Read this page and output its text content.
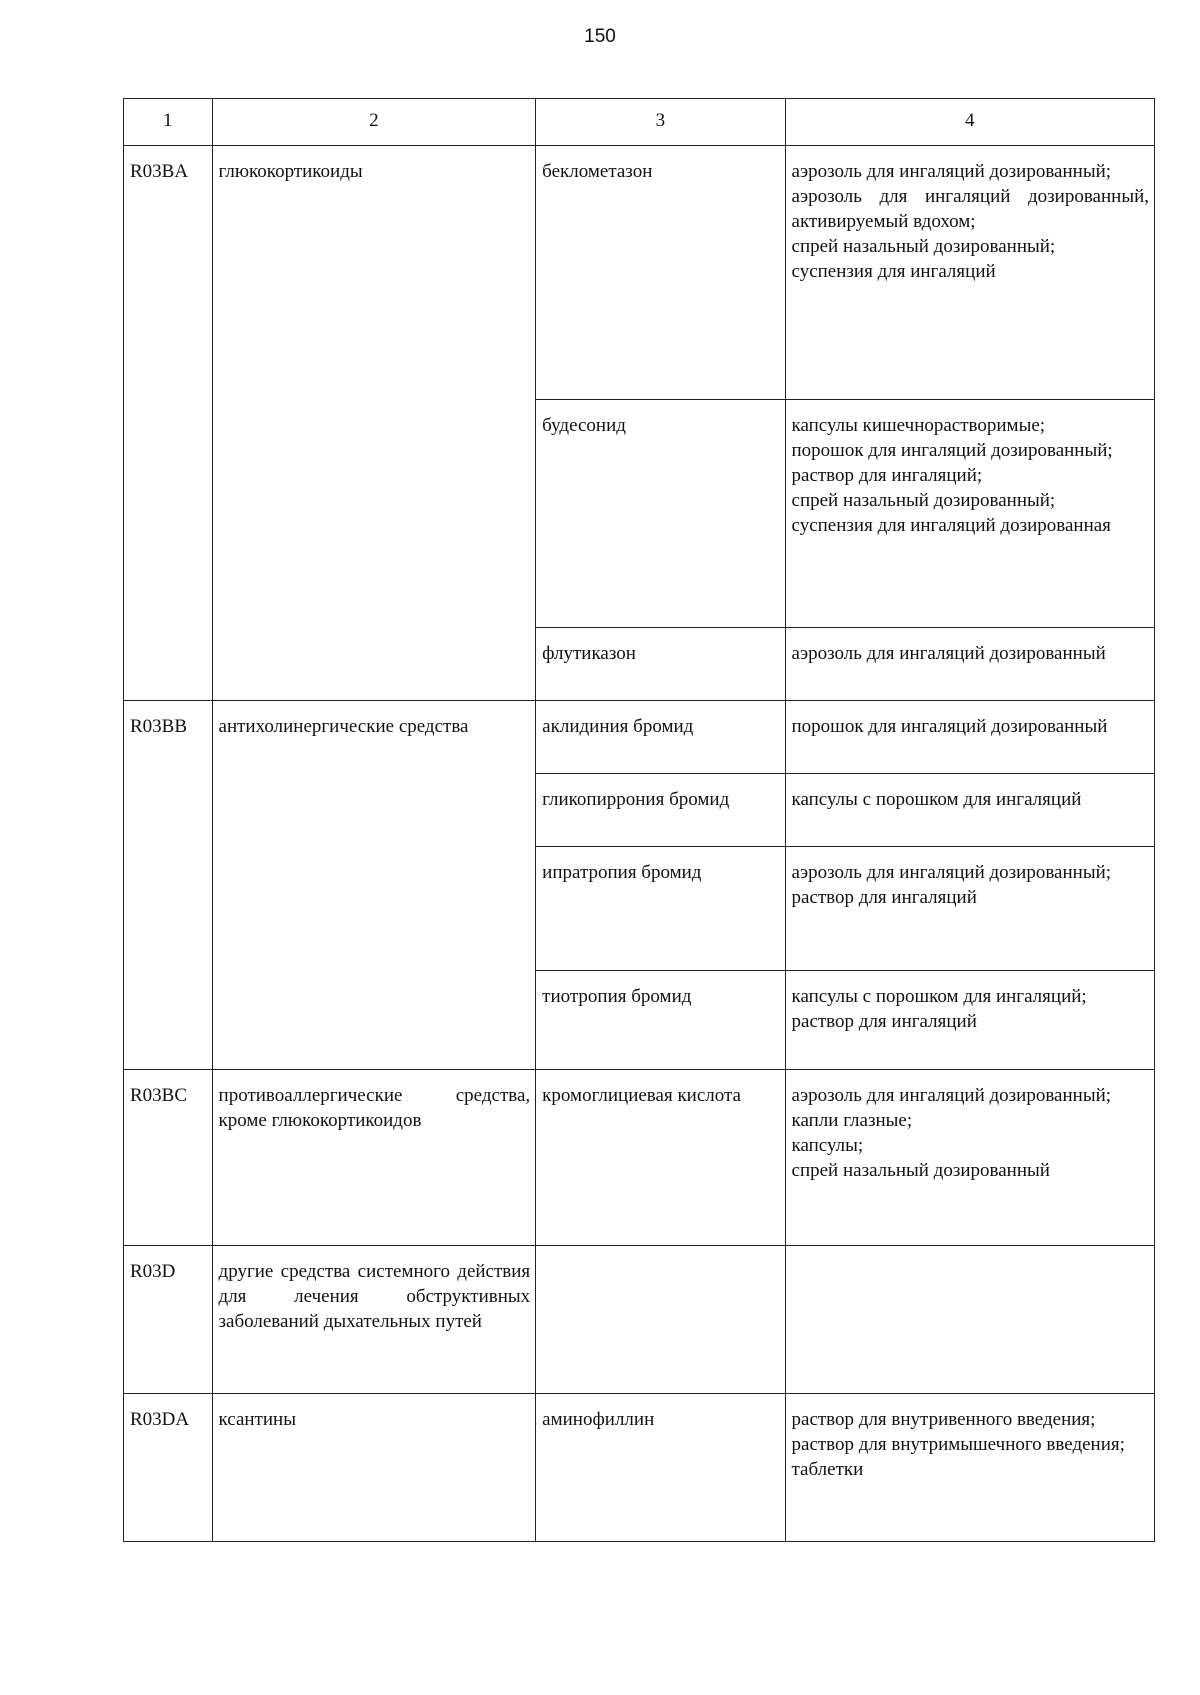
150
1	2	3	4
R03BA	глюкокортикоиды	беклометазон	аэрозоль для ингаляций дозированный;
аэрозоль для ингаляций дозированный, активируемый вдохом;
спрей назальный дозированный;
суспензия для ингаляций

		будесонид	капсулы кишечнорастворимые;
порошок для ингаляций дозированный;
раствор для ингаляций;
спрей назальный дозированный;
суспензия для ингаляций дозированная

		флутиказон	аэрозоль для ингаляций дозированный

R03BB	антихолинергические средства	аклидиния бромид	порошок для ингаляций дозированный

		гликопиррония бромид	капсулы с порошком для ингаляций

		ипратропия бромид	аэрозоль для ингаляций дозированный;
раствор для ингаляций

		тиотропия бромид	капсулы с порошком для ингаляций;
раствор для ингаляций

R03BC	противоаллергические средства, кроме глюкокортикоидов	кромоглициевая кислота	аэрозоль для ингаляций дозированный;
капли глазные;
капсулы;
спрей назальный дозированный

R03D	другие средства системного действия для лечения обструктивных заболеваний дыхательных путей		
R03DA	ксантины	аминофиллин	раствор для внутривенного введения;
раствор для внутримышечного введения;
таблетки
